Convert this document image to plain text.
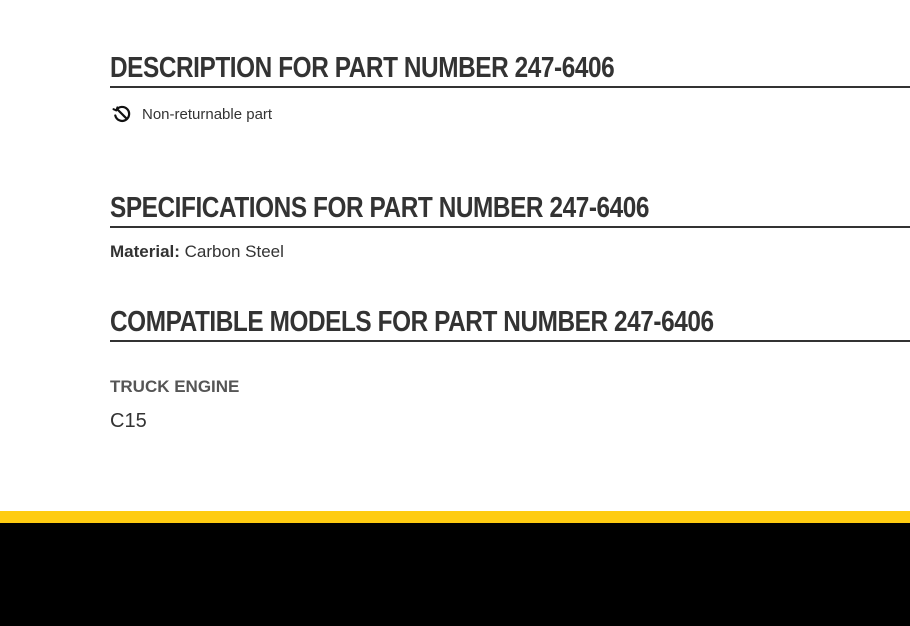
DESCRIPTION FOR PART NUMBER 247-6406
Non-returnable part
SPECIFICATIONS FOR PART NUMBER 247-6406
Material: Carbon Steel
COMPATIBLE MODELS FOR PART NUMBER 247-6406
TRUCK ENGINE
C15
